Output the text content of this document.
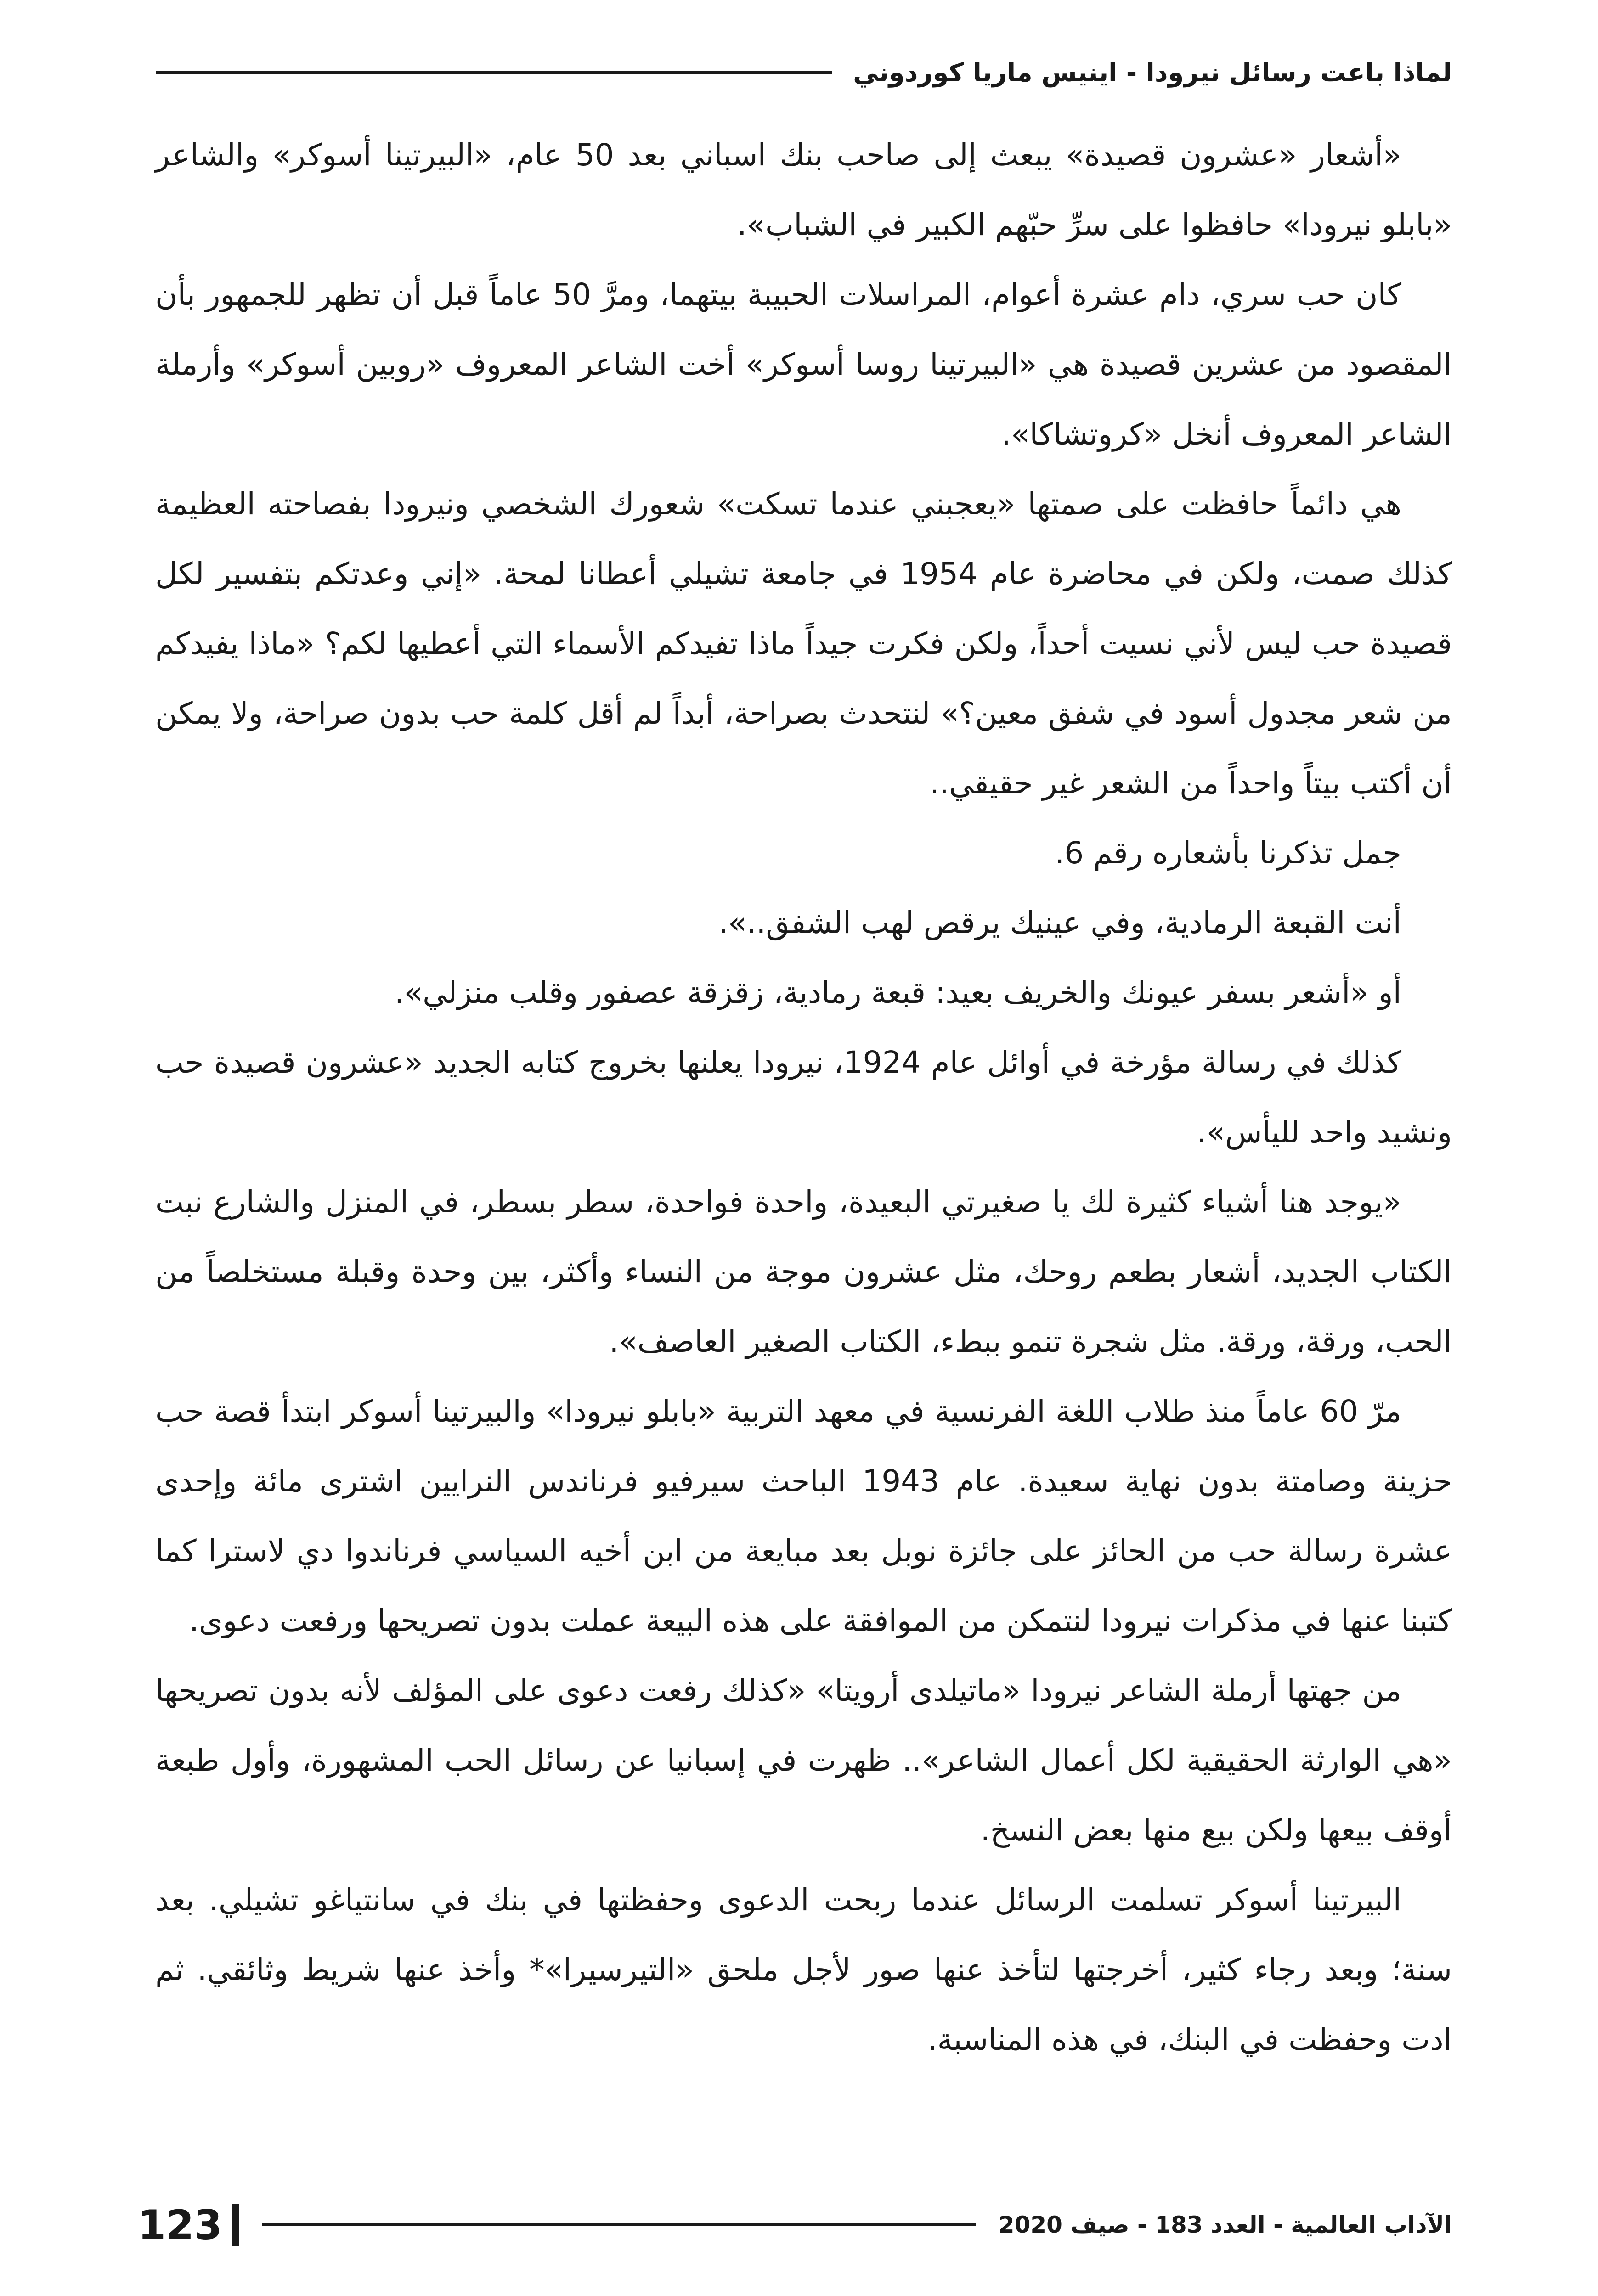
لماذا باعت رسائل نيرودا - اينيس ماريا كوردوني

«أشعار «عشرون قصيدة» يبعث إلى صاحب بنك اسباني بعد 50 عام، «البيرتينا أسوكر» والشاعر «بابلو نيرودا» حافظوا على سرِّ حبّهم الكبير في الشباب».

كان حب سري، دام عشرة أعوام، المراسلات الحبيبة بيتهما، ومرَّ 50 عاماً قبل أن تظهر للجمهور بأن المقصود من عشرين قصيدة هي «البيرتينا روسا أسوكر» أخت الشاعر المعروف «روبين أسوكر» وأرملة الشاعر المعروف أنخل «كروتشاكا».

هي دائماً حافظت على صمتها «يعجبني عندما تسكت» شعورك الشخصي ونيرودا بفصاحته العظيمة كذلك صمت، ولكن في محاضرة عام 1954 في جامعة تشيلي أعطانا لمحة. «إني وعدتكم بتفسير لكل قصيدة حب ليس لأني نسيت أحداً، ولكن فكرت جيداً ماذا تفيدكم الأسماء التي أعطيها لكم؟ «ماذا يفيدكم من شعر مجدول أسود في شفق معين؟» لنتحدث بصراحة، أبداً لم أقل كلمة حب بدون صراحة، ولا يمكن أن أكتب بيتاً واحداً من الشعر غير حقيقي..

جمل تذكرنا بأشعاره رقم 6.

أنت القبعة الرمادية، وفي عينيك يرقص لهب الشفق..».

أو «أشعر بسفر عيونك والخريف بعيد: قبعة رمادية، زقزقة عصفور وقلب منزلي».

كذلك في رسالة مؤرخة في أوائل عام 1924، نيرودا يعلنها بخروج كتابه الجديد «عشرون قصيدة حب ونشيد واحد لليأس».

«يوجد هنا أشياء كثيرة لك يا صغيرتي البعيدة، واحدة فواحدة، سطر بسطر، في المنزل والشارع نبت الكتاب الجديد، أشعار بطعم روحك، مثل عشرون موجة من النساء وأكثر، بين وحدة وقبلة مستخلصاً من الحب، ورقة، ورقة. مثل شجرة تنمو ببطء، الكتاب الصغير العاصف».

مرّ 60 عاماً منذ طلاب اللغة الفرنسية في معهد التربية «بابلو نيرودا» والبيرتينا أسوكر ابتدأ قصة حب حزينة وصامتة بدون نهاية سعيدة. عام 1943 الباحث سيرفيو فرناندس النرايين اشترى مائة وإحدى عشرة رسالة حب من الحائز على جائزة نوبل بعد مبايعة من ابن أخيه السياسي فرناندوا دي لاسترا كما كتبنا عنها في مذكرات نيرودا لنتمكن من الموافقة على هذه البيعة عملت بدون تصريحها ورفعت دعوى.

من جهتها أرملة الشاعر نيرودا «ماتيلدى أرويتا» «كذلك رفعت دعوى على المؤلف لأنه بدون تصريحها «هي الوارثة الحقيقية لكل أعمال الشاعر».. ظهرت في إسبانيا عن رسائل الحب المشهورة، وأول طبعة أوقف بيعها ولكن بيع منها بعض النسخ.

البيرتينا أسوكر تسلمت الرسائل عندما ربحت الدعوى وحفظتها في بنك في سانتياغو تشيلي. بعد سنة؛ وبعد رجاء كثير، أخرجتها لتأخذ عنها صور لأجل ملحق «التيرسيرا»* وأخذ عنها شريط وثائقي. ثم ادت وحفظت في البنك، في هذه المناسبة.

الآداب العالمية - العدد 183 - صيف 2020
123
